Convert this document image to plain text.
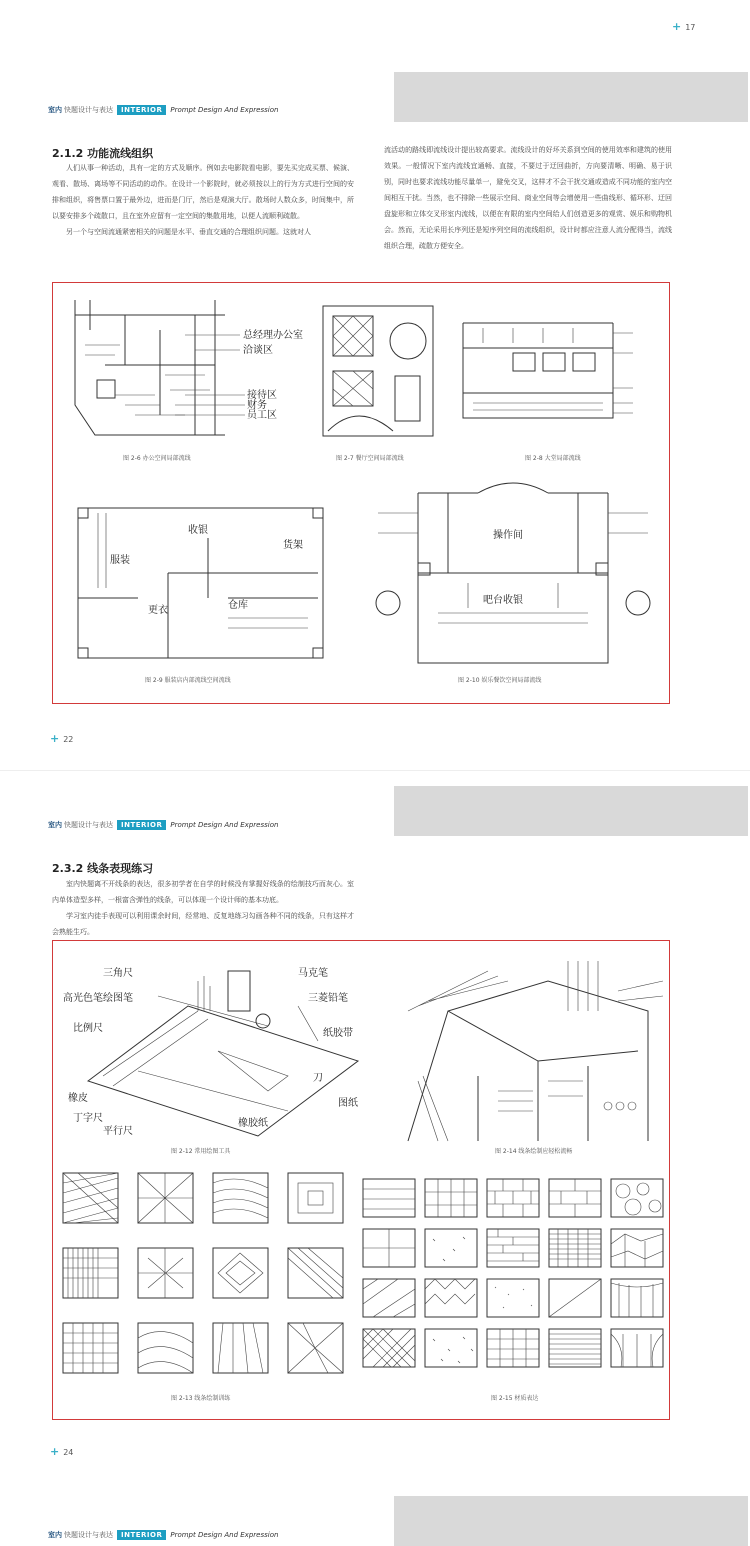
+ 17
室内 快题设计与表达	INTERIOR	Prompt Design And Expression
2.1.2 功能流线组织

人们从事一种活动，具有一定的方式及顺序。例如去电影院看电影，要先买完成买票、候演、观看、散场、离场等不同活动的动作。在设计一个影院时，就必须按以上的行为方式进行空间的安排和组织，将售票口置于最外边，进而是门厅，然后是观演大厅。散场时人数众多，时间集中，所以要安排多个疏散口，且在室外应留有一定空间的集散用地，以便人流顺利疏散。

另一个与空间流通紧密相关的问题是水平、垂直交通的合理组织问题。这就对人

流活动的路线即流线设计提出较高要求。流线设计的好坏关系到空间的使用效率和建筑的使用效果。一般情况下室内流线宜通畅、直接，不要过于迂回曲折，方向要清晰、明确、易于识别，同时也要求流线功能尽量单一，避免交叉，这样才不会干扰交通或造成不同功能的室内空间相互干扰。当然，也不排除一些展示空间、商业空间等会增使用一些曲线形、循环形、迂回盘旋形和立体交叉形室内流线，以便在有限的室内空间给人们创造更多的观赏、娱乐和购物机会。然而，无论采用长序列还是短序列空间的流线组织，设计时都应注意人流分配得当，流线组织合理，疏散方便安全。

总经理办公室
洽谈区
接待区
财务
员工区
图 2-6 办公空间局部流线	图 2-7 餐厅空间局部流线	图 2-8 大堂局部流线
服装
收银
更衣
货架
仓库
图 2-9 服装店内部流线空间流线
操作间
吧台收银
图 2-10 娱乐餐饮空间局部流线
+ 22
室内 快题设计与表达	INTERIOR	Prompt Design And Expression
2.3.2 线条表现练习

室内快题离不开线条的表达，很多初学者在自学的时候没有掌握好线条的绘制技巧而灰心。室内单体造型多样，一根富含弹性的线条，可以体现一个设计师的基本功底。

学习室内徒手表现可以利用课余时间，经常地、反复地练习勾画各种不同的线条，只有这样才会熟能生巧。

三角尺	马克笔
高光色笔绘图笔	三菱铅笔
比例尺	纸胶带
橡皮
刀
图纸
丁字尺
平行尺
橡胶纸
图 2-12 常用绘图工具	图 2-14 线条绘制应轻松流畅
图 2-13 线条绘制训练	图 2-15 材质表达
+ 24
室内 快题设计与表达	INTERIOR	Prompt Design And Expression
